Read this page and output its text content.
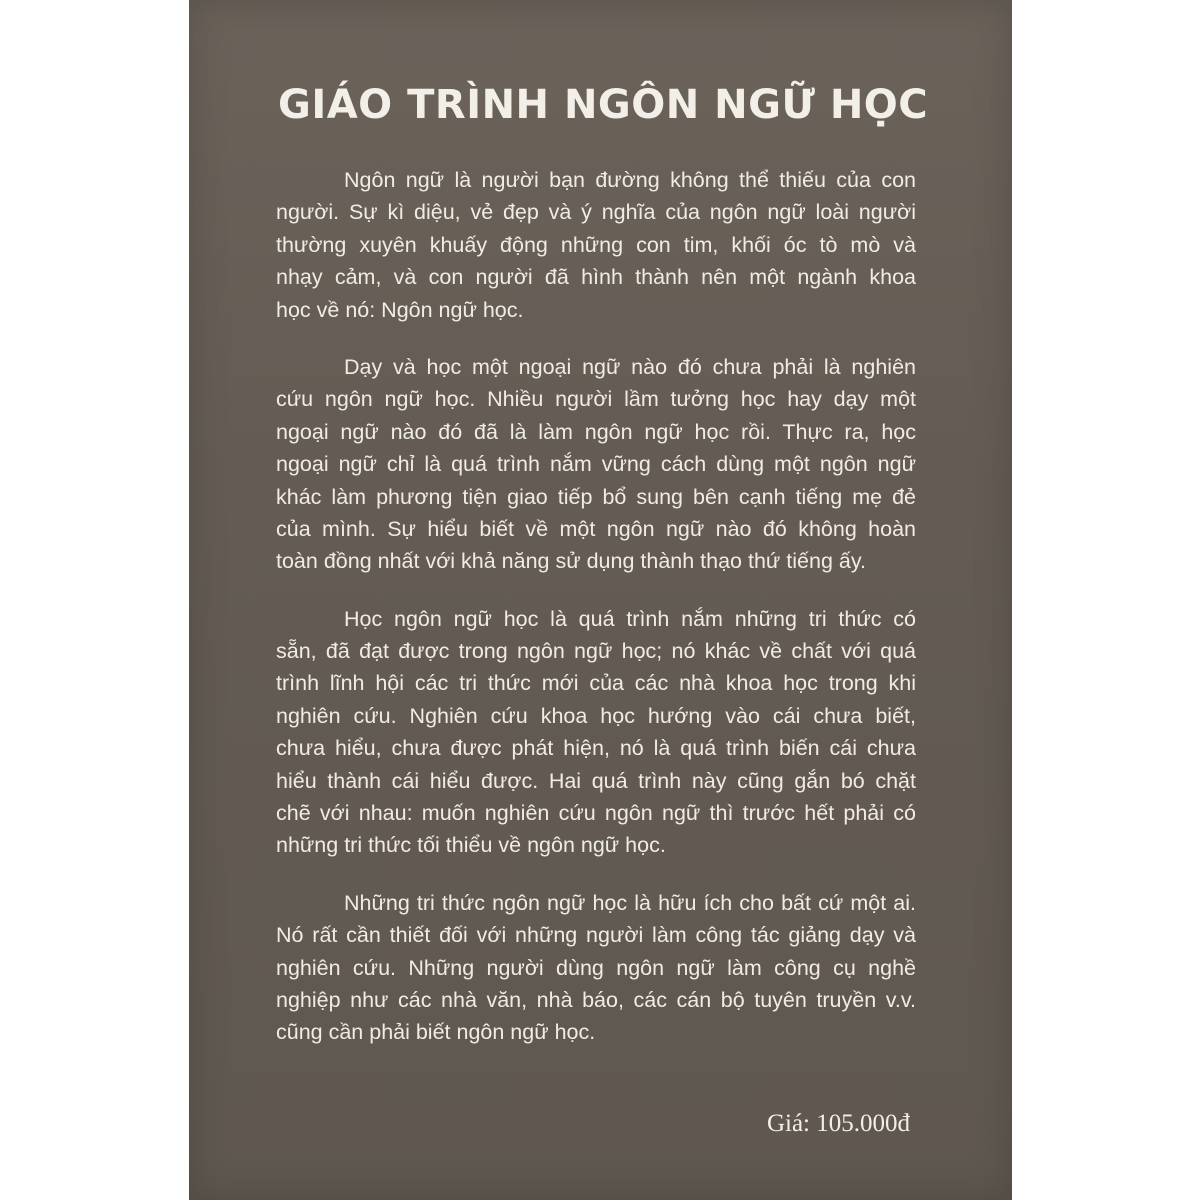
GIÁO TRÌNH NGÔN NGỮ HỌC

Ngôn ngữ là người bạn đường không thể thiếu của con
người. Sự kì diệu, vẻ đẹp và ý nghĩa của ngôn ngữ loài người
thường xuyên khuấy động những con tim, khối óc tò mò và
nhạy cảm, và con người đã hình thành nên một ngành khoa
học về nó: Ngôn ngữ học.

Dạy và học một ngoại ngữ nào đó chưa phải là nghiên
cứu ngôn ngữ học. Nhiều người lầm tưởng học hay dạy một
ngoại ngữ nào đó đã là làm ngôn ngữ học rồi. Thực ra, học
ngoại ngữ chỉ là quá trình nắm vững cách dùng một ngôn ngữ
khác làm phương tiện giao tiếp bổ sung bên cạnh tiếng mẹ đẻ
của mình. Sự hiểu biết về một ngôn ngữ nào đó không hoàn
toàn đồng nhất với khả năng sử dụng thành thạo thứ tiếng ấy.

Học ngôn ngữ học là quá trình nắm những tri thức có
sẵn, đã đạt được trong ngôn ngữ học; nó khác về chất với quá
trình lĩnh hội các tri thức mới của các nhà khoa học trong khi
nghiên cứu. Nghiên cứu khoa học hướng vào cái chưa biết,
chưa hiểu, chưa được phát hiện, nó là quá trình biến cái chưa
hiểu thành cái hiểu được. Hai quá trình này cũng gắn bó chặt
chẽ với nhau: muốn nghiên cứu ngôn ngữ thì trước hết phải có
những tri thức tối thiểu về ngôn ngữ học.

Những tri thức ngôn ngữ học là hữu ích cho bất cứ một ai.
Nó rất cần thiết đối với những người làm công tác giảng dạy và
nghiên cứu. Những người dùng ngôn ngữ làm công cụ nghề
nghiệp như các nhà văn, nhà báo, các cán bộ tuyên truyền v.v.
cũng cần phải biết ngôn ngữ học.

Giá: 105.000đ
